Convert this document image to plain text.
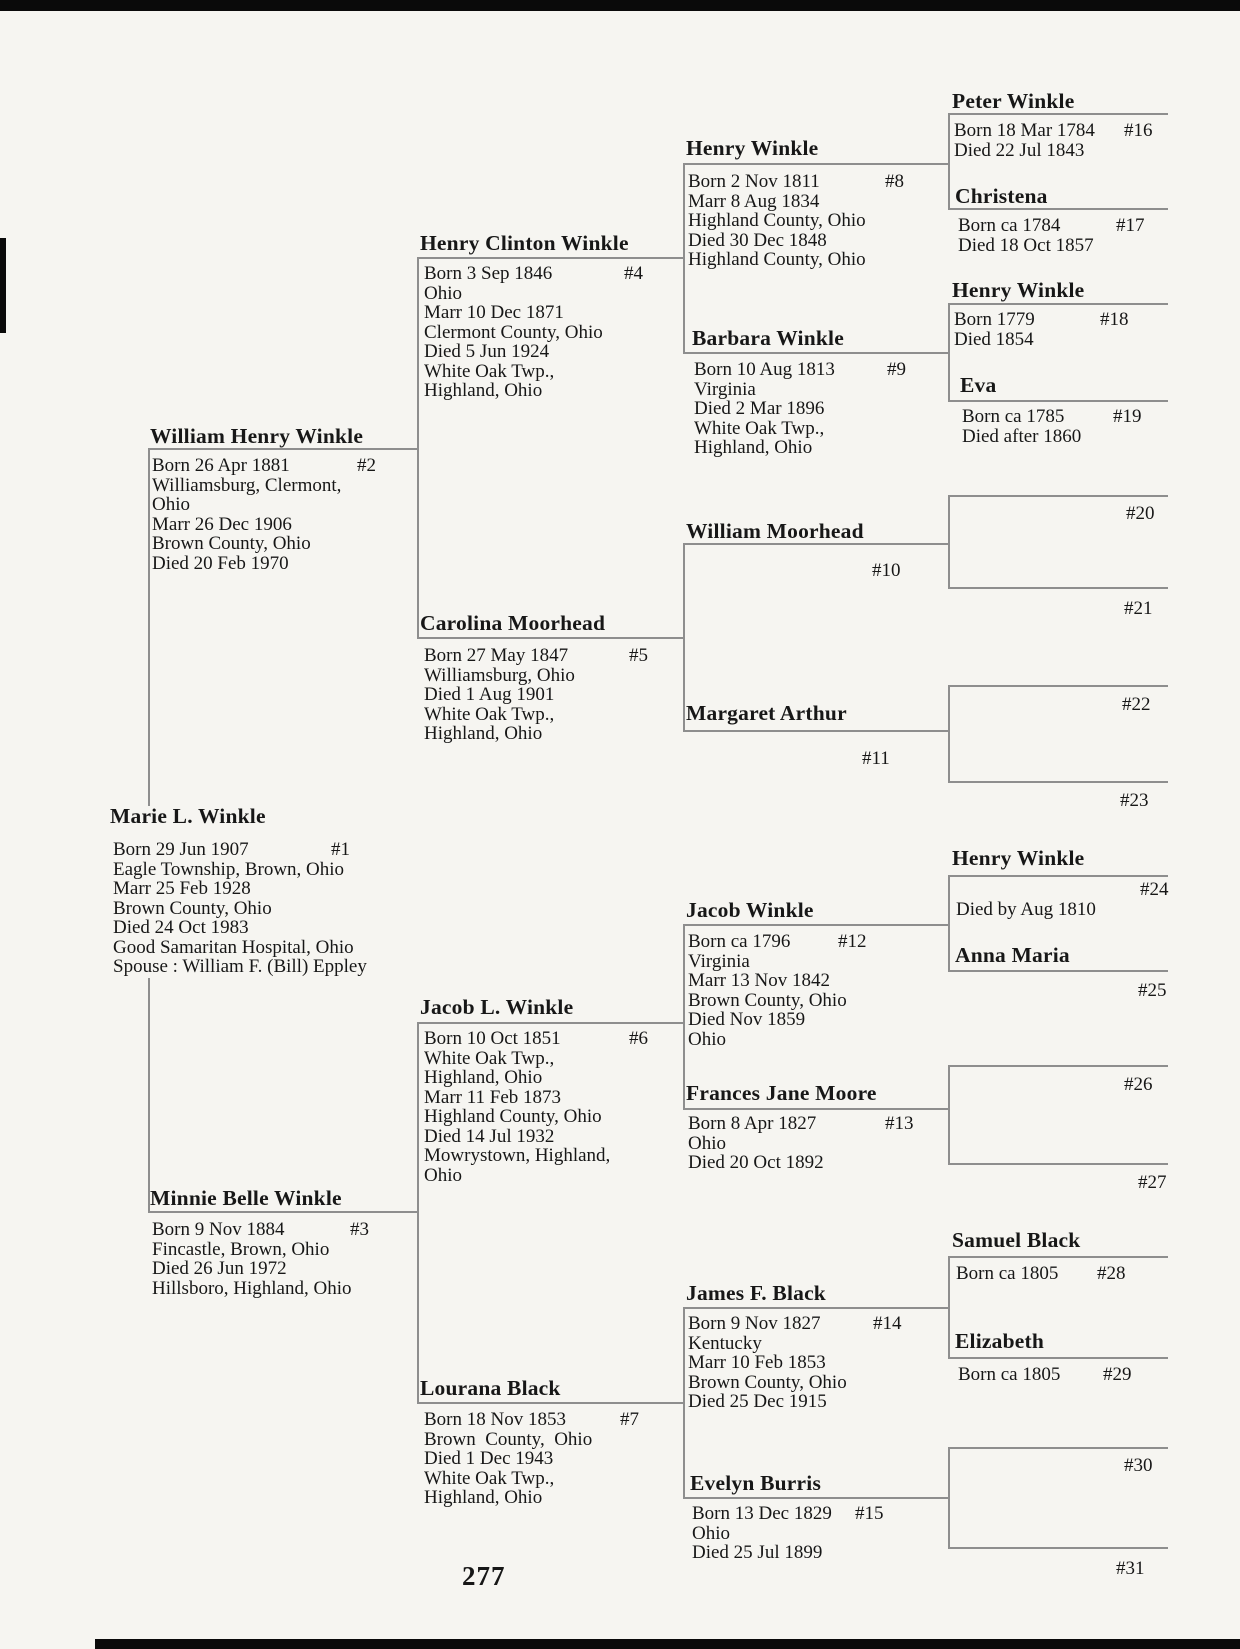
Marie L. Winkle
Born 29 Jun 1907	#1
Eagle Township, Brown, Ohio
Marr 25 Feb 1928
Brown County, Ohio
Died 24 Oct 1983
Good Samaritan Hospital, Ohio
Spouse : William F. (Bill) Eppley
William Henry Winkle
Born 26 Apr 1881	#2
Williamsburg, Clermont,
Ohio
Marr 26 Dec 1906
Brown County, Ohio
Died 20 Feb 1970
Minnie Belle Winkle
Born 9 Nov 1884	#3
Fincastle, Brown, Ohio
Died 26 Jun 1972
Hillsboro, Highland, Ohio
Henry Clinton Winkle
Born 3 Sep 1846	#4
Ohio
Marr 10 Dec 1871
Clermont County, Ohio
Died 5 Jun 1924
White Oak Twp.,
Highland, Ohio
Carolina Moorhead
Born 27 May 1847	#5
Williamsburg, Ohio
Died 1 Aug 1901
White Oak Twp.,
Highland, Ohio
Jacob L. Winkle
Born 10 Oct 1851	#6
White Oak Twp.,
Highland, Ohio
Marr 11 Feb 1873
Highland County, Ohio
Died 14 Jul 1932
Mowrystown, Highland,
Ohio
Lourana Black
Born 18 Nov 1853	#7
Brown  County,  Ohio
Died 1 Dec 1943
White Oak Twp.,
Highland, Ohio
Henry Winkle
Born 2 Nov 1811	#8
Marr 8 Aug 1834
Highland County, Ohio
Died 30 Dec 1848
Highland County, Ohio
Barbara Winkle
Born 10 Aug 1813	#9
Virginia
Died 2 Mar 1896
White Oak Twp.,
Highland, Ohio
William Moorhead
#10
Margaret Arthur
#11
Jacob Winkle
Born ca 1796	#12
Virginia
Marr 13 Nov 1842
Brown County, Ohio
Died Nov 1859
Ohio
Frances Jane Moore
Born 8 Apr 1827	#13
Ohio
Died 20 Oct 1892
James F. Black
Born 9 Nov 1827	#14
Kentucky
Marr 10 Feb 1853
Brown County, Ohio
Died 25 Dec 1915
Evelyn Burris
Born 13 Dec 1829 #15
Ohio
Died 25 Jul 1899
Peter Winkle
Born 18 Mar 1784 #16
Died 22 Jul 1843
Christena
Born ca 1784	#17
Died 18 Oct 1857
Henry Winkle
Born 1779	#18
Died 1854
Eva
Born ca 1785	#19
Died after 1860
#20
#21
#22
#23
Henry Winkle
#24
Died by Aug 1810
Anna Maria
#25
#26
#27
Samuel Black
Born ca 1805 #28
Elizabeth
Born ca 1805 #29
#30
#31
277
